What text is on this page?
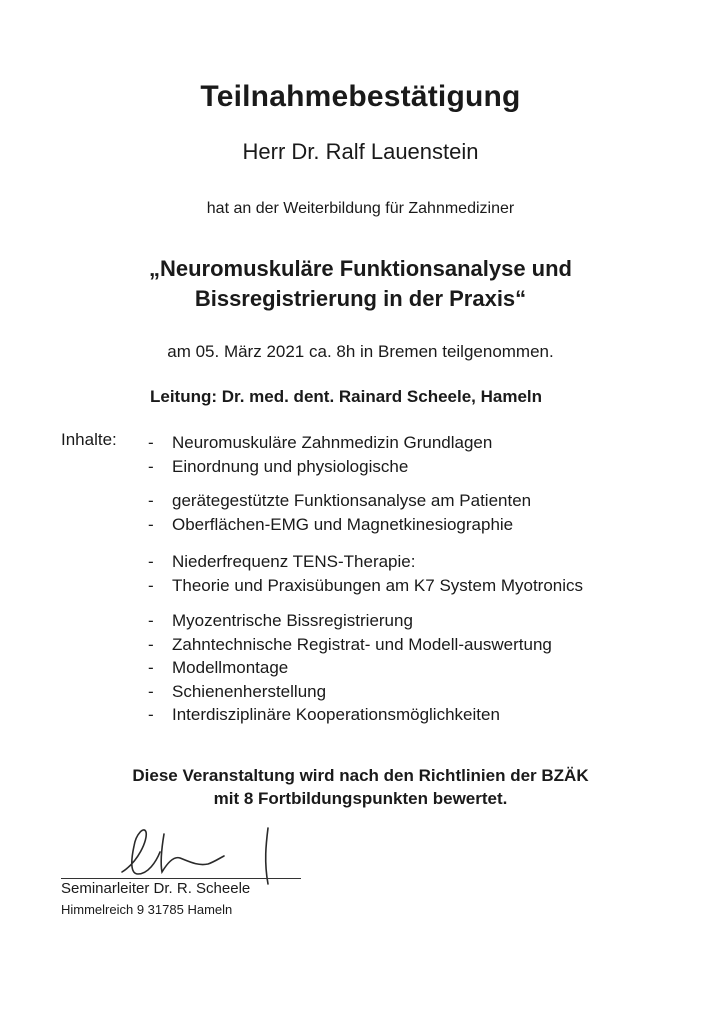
Teilnahmebestätigung
Herr Dr. Ralf Lauenstein
hat an der Weiterbildung für Zahnmediziner
„Neuromuskuläre Funktionsanalyse und
Bissregistrierung in der Praxis“
am 05. März 2021 ca. 8h in Bremen teilgenommen.
Leitung: Dr. med. dent. Rainard Scheele, Hameln
Inhalte: - Neuromuskuläre Zahnmedizin Grundlagen
- Einordnung und physiologische
- gerätegestützte Funktionsanalyse am Patienten
- Oberflächen-EMG und Magnetkinesiographie
- Niederfrequenz TENS-Therapie:
- Theorie und Praxisübungen am K7 System Myotronics
- Myozentrische Bissregistrierung
- Zahntechnische Registrat- und Modell-auswertung
- Modellmontage
- Schienenherstellung
- Interdisziplinäre Kooperationsmöglichkeiten
Diese Veranstaltung wird nach den Richtlinien der BZÄK
mit 8 Fortbildungspunkten bewertet.
Seminarleiter Dr. R. Scheele
Himmelreich 9 31785 Hameln
